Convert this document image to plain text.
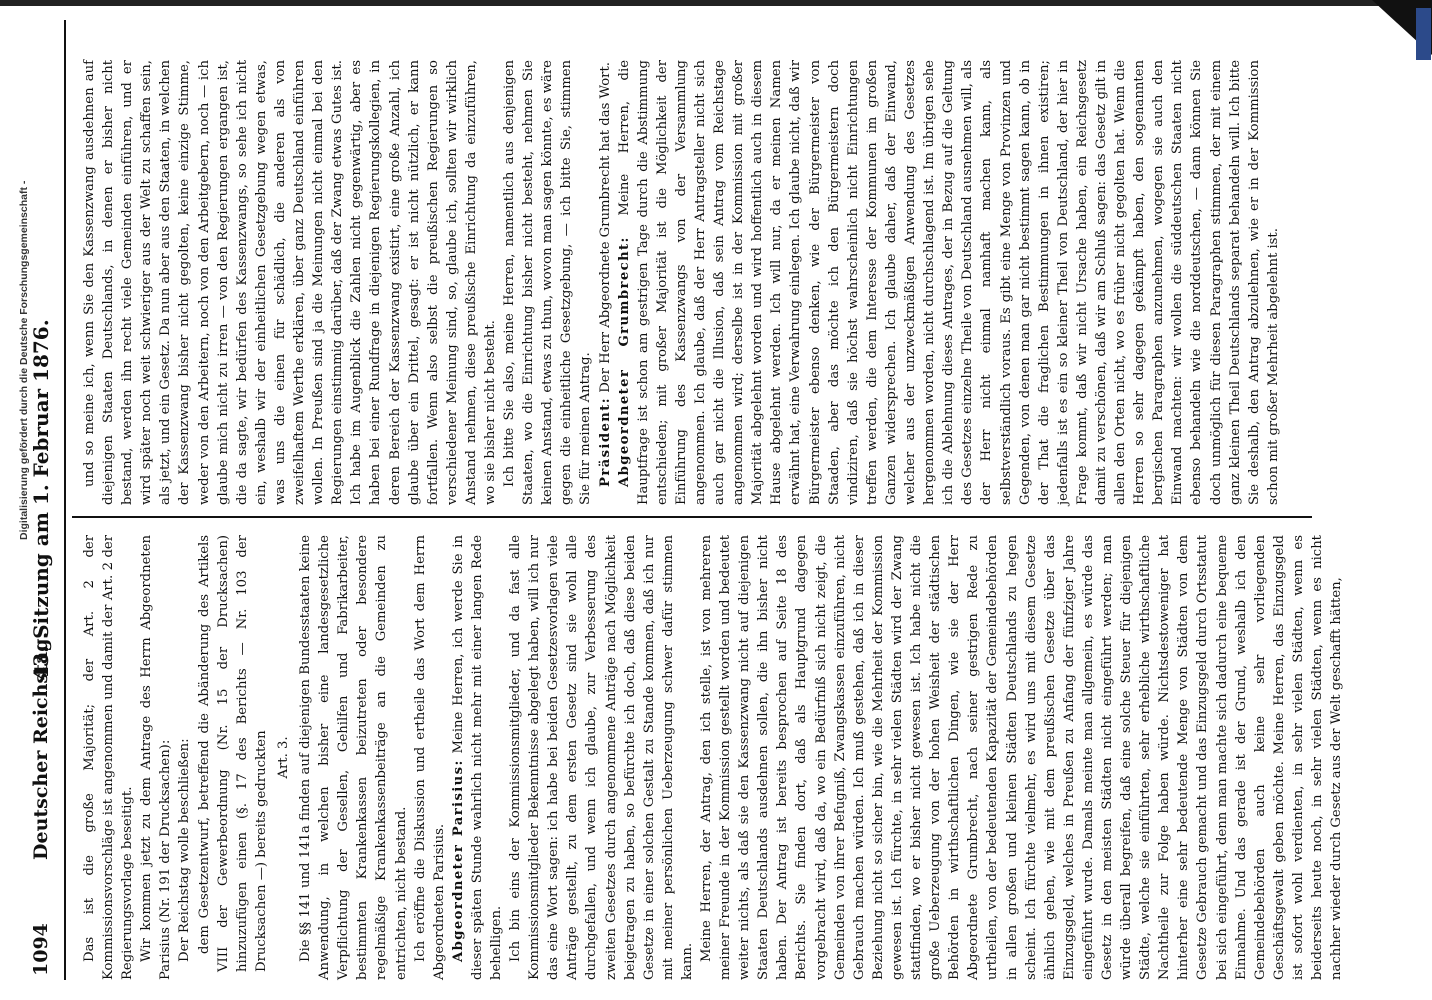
1094
Deutscher Reichstag.
43. Sitzung am 1. Februar 1876.

Das ist die große Majorität; der Art. 2 der Kommissionsvorschläge ist angenommen und damit der Art. 2 der Regierungsvorlage beseitigt. Wir kommen jetzt zu dem Antrage des Herrn Abgeordneten Parisius (Nr. 191 der Drucksachen): Der Reichstag wolle beschließen: dem Gesetzentwurf, betreffend die Abänderung des Artikels VIII der Gewerbeordnung (Nr. 15 der Drucksachen) hinzuzufügen einen (§. 17 des Berichts — Nr. 103 der Drucksachen —) bereits gedruckten Art. 3. Die §§ 141 und 141a finden auf diejenigen Bundesstaaten keine Anwendung, in welchen bisher eine landesgesetzliche Verpflichtung der Gesellen, Gehilfen und Fabrikarbeiter, bestimmten Krankenkassen beizutreten oder besondere regelmäßige Krankenkassenbeiträge an die Gemeinden zu entrichten, nicht bestand. Ich eröffne die Diskussion und ertheile das Wort dem Herrn Abgeordneten Parisius. Abgeordneter Parisius: Meine Herren, ich werde Sie in dieser späten Stunde wahrlich nicht mehr mit einer langen Rede behelligen. Ich bin eins der Kommissionsmitglieder, und da fast alle Kommissionsmitglieder Bekenntnisse abgelegt haben, will ich nur das eine Wort sagen: ich habe bei beiden Gesetzesvorlagen viele Anträge gestellt, zu dem ersten Gesetz sind sie wohl alle durchgefallen, und wenn ich glaube, zur Verbesserung des zweiten Gesetzes durch angenommene Anträge nach Möglichkeit beigetragen zu haben, so befürchte ich doch, daß diese beiden Gesetze in einer solchen Gestalt zu Stande kommen, daß ich nur mit meiner persönlichen Ueberzeugung schwer dafür stimmen kann. Meine Herren, der Antrag, den ich stelle, ist von mehreren meiner Freunde in der Kommission gestellt worden und bedeutet weiter nichts, als daß sie den Kassenzwang nicht auf diejenigen Staaten Deutschlands ausdehnen sollen, die ihn bisher nicht haben. Der Antrag ist bereits besprochen auf Seite 18 des Berichts. Sie finden dort, daß als Hauptgrund dagegen vorgebracht wird, daß da, wo ein Bedürfniß sich nicht zeigt, die Gemeinden von ihrer Befugniß, Zwangskassen einzuführen, nicht Gebrauch machen würden. Ich muß gestehen, daß ich in dieser Beziehung nicht so sicher bin, wie die Mehrheit der Kommission gewesen ist. Ich fürchte, in sehr vielen Städten wird der Zwang stattfinden, wo er bisher nicht gewesen ist. Ich habe nicht die große Ueberzeugung von der hohen Weisheit der städtischen Behörden in wirthschaftlichen Dingen, wie sie der Herr Abgeordnete Grumbrecht, nach seiner gestrigen Rede zu urtheilen, von der bedeutenden Kapazität der Gemeindebehörden in allen großen und kleinen Städten Deutschlands zu hegen scheint. Ich fürchte vielmehr, es wird uns mit diesem Gesetze ähnlich gehen, wie mit dem preußischen Gesetze über das Einzugsgeld, welches in Preußen zu Anfang der fünfziger Jahre eingeführt wurde. Damals meinte man allgemein, es würde das Gesetz in den meisten Städten nicht eingeführt werden; man würde überall begreifen, daß eine solche Steuer für diejenigen Städte, welche sie einführten, sehr erhebliche wirthschaftliche Nachtheile zur Folge haben würde. Nichtsdestoweniger hat hinterher eine sehr bedeutende Menge von Städten von dem Gesetze Gebrauch gemacht und das Einzugsgeld durch Ortsstatut bei sich eingeführt, denn man machte sich dadurch eine bequeme Einnahme. Und das gerade ist der Grund, weshalb ich den Gemeindebehörden auch keine sehr vorliegenden Geschäftsgewalt geben möchte. Meine Herren, das Einzugsgeld ist sofort wohl verdienten, in sehr vielen Städten, wenn es beiderseits heute noch, in sehr vielen Städten, wenn es nicht nachher wieder durch Gesetz aus der Welt geschafft hätten,

und so meine ich, wenn Sie den Kassenzwang ausdehnen auf diejenigen Staaten Deutschlands, in denen er bisher nicht bestand, werden ihn recht viele Gemeinden einführen, und er wird später noch weit schwieriger aus der Welt zu schaffen sein, als jetzt, und ein Gesetz. Da nun aber aus den Staaten, in welchen der Kassenzwang bisher nicht gegolten, keine einzige Stimme, weder von den Arbeitern, noch von den Arbeitgebern, noch — ich glaube mich nicht zu irren — von den Regierungen ergangen ist, die da sagte, wir bedürfen des Kassenzwangs, so sehe ich nicht ein, weshalb wir der einheitlichen Gesetzgebung wegen etwas, was uns die einen für schädlich, die anderen als von zweifelhaftem Werthe erklären, über ganz Deutschland einführen wollen. In Preußen sind ja die Meinungen nicht einmal bei den Regierungen einstimmig darüber, daß der Zwang etwas Gutes ist. Ich habe im Augenblick die Zahlen nicht gegenwärtig, aber es haben bei einer Rundfrage in diejenigen Regierungskollegien, in deren Bereich der Kassenzwang existirt, eine große Anzahl, ich glaube über ein Drittel, gesagt: er ist nicht nützlich, er kann fortfallen. Wenn also selbst die preußischen Regierungen so verschiedener Meinung sind, so, glaube ich, sollten wir wirklich Anstand nehmen, diese preußische Einrichtung da einzuführen, wo sie bisher nicht besteht. Ich bitte Sie also, meine Herren, namentlich aus denjenigen Staaten, wo die Einrichtung bisher nicht besteht, nehmen Sie keinen Anstand, etwas zu thun, wovon man sagen könnte, es wäre gegen die einheitliche Gesetzgebung, — ich bitte Sie, stimmen Sie für meinen Antrag. Präsident: Der Herr Abgeordnete Grumbrecht hat das Wort. Abgeordneter Grumbrecht: Meine Herren, die Hauptfrage ist schon am gestrigen Tage durch die Abstimmung entschieden; mit großer Majorität ist die Möglichkeit der Einführung des Kassenzwangs von der Versammlung angenommen. Ich glaube, daß der Herr Antragsteller nicht sich auch gar nicht die Illusion, daß sein Antrag vom Reichstage angenommen wird; derselbe ist in der Kommission mit großer Majorität abgelehnt worden und wird hoffentlich auch in diesem Hause abgelehnt werden. Ich will nur, da er meinen Namen erwähnt hat, eine Verwahrung einlegen. Ich glaube nicht, daß wir Bürgermeister ebenso denken, wie der Bürgermeister von Staaden, aber das möchte ich den Bürgermeistern doch vindiziren, daß sie höchst wahrscheinlich nicht Einrichtungen treffen werden, die dem Interesse der Kommunen im großen Ganzen widersprechen. Ich glaube daher, daß der Einwand, welcher aus der unzweckmäßigen Anwendung des Gesetzes hergenommen worden, nicht durchschlagend ist. Im übrigen sehe ich die Ablehnung dieses Antrages, der in Bezug auf die Geltung des Gesetzes einzelne Theile von Deutschland ausnehmen will, als der Herr nicht einmal namhaft machen kann, als selbstverständlich voraus. Es gibt eine Menge von Provinzen und Gegenden, von denen man gar nicht bestimmt sagen kann, ob in der That die fraglichen Bestimmungen in ihnen existiren; jedenfalls ist es ein so kleiner Theil von Deutschland, der hier in Frage kommt, daß wir nicht Ursache haben, ein Reichsgesetz damit zu verschönen, daß wir am Schluß sagen: das Gesetz gilt in allen den Orten nicht, wo es früher nicht gegolten hat. Wenn die Herren so sehr dagegen gekämpft haben, den sogenannten bergischen Paragraphen anzunehmen, wogegen sie auch den Einwand machten: wir wollen die süddeutschen Staaten nicht ebenso behandeln wie die norddeutschen, — dann können Sie doch unmöglich für diesen Paragraphen stimmen, der mit einem ganz kleinen Theil Deutschlands separat behandeln will. Ich bitte Sie deshalb, den Antrag abzulehnen, wie er in der Kommission schon mit großer Mehrheit abgelehnt ist.

Digitalisierung gefördert durch die Deutsche Forschungsgemeinschaft -
